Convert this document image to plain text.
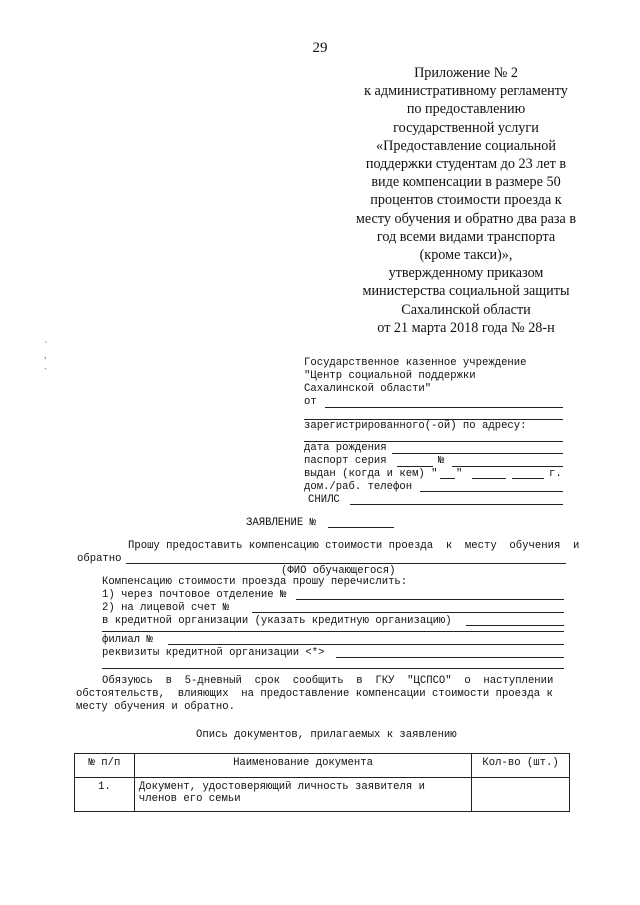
29
Приложение № 2
к административному регламенту
по предоставлению
государственной услуги
«Предоставление социальной
поддержки студентам до 23 лет в
виде компенсации в размере 50
процентов стоимости проезда к
месту обучения и обратно два раза в
год всеми видами транспорта
(кроме такси)»,
утвержденному приказом
министерства социальной защиты
Сахалинской области
от 21 марта 2018 года № 28-н
ˋ
,
ˎ	Государственное казенное учреждение
"Центр социальной поддержки
Сахалинской области"
от
зарегистрированного(-ой) по адресу:
дата рождения
паспорт серия	№
выдан (когда и кем) " "	г.
дом./раб. телефон
СНИЛС
ЗАЯВЛЕНИЕ №
Прошу предоставить компенсацию стоимости проезда  к  месту  обучения  и
обратно
(ФИО обучающегося)
Компенсацию стоимости проезда прошу перечислить:
1) через почтовое отделение №
2) на лицевой счет №
в кредитной организации (указать кредитную организацию)
филиал №
реквизиты кредитной организации <*>
Обязуюсь  в  5-дневный  срок  сообщить  в  ГКУ  "ЦСПСО"  о  наступлении
обстоятельств,  влияющих  на предоставление компенсации стоимости проезда к
месту обучения и обратно.
Опись документов, прилагаемых к заявлению
№ п/п	Наименование документа	Кол-во (шт.)
1.	Документ, удостоверяющий личность заявителя и
членов его семьи	
